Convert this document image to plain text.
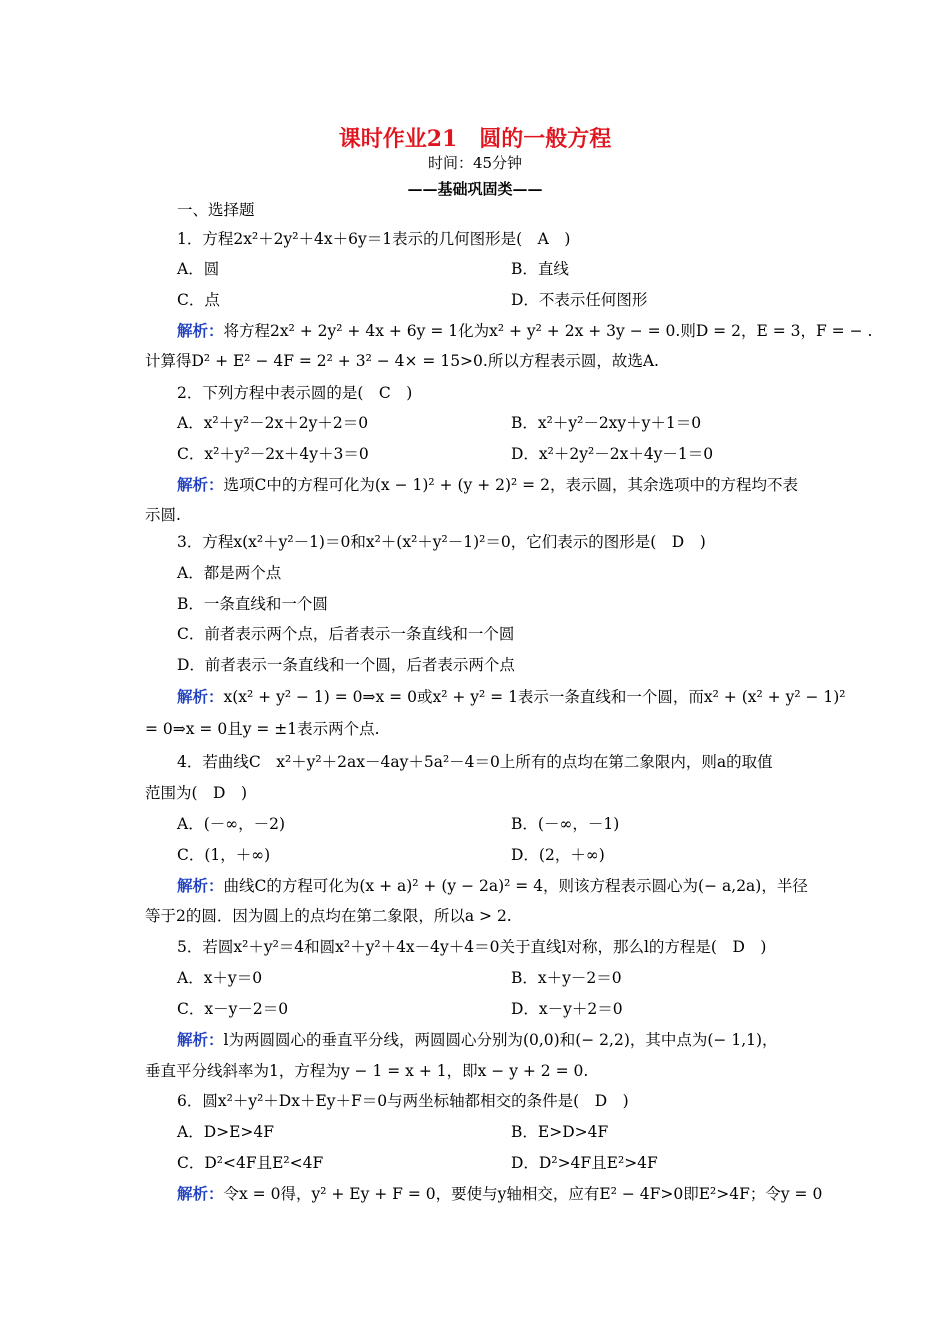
课时作业21　圆的一般方程
时间：45分钟
——基础巩固类——
一、选择题
1．方程2x²＋2y²＋4x＋6y＝1表示的几何图形是(　A　)
A．圆	B．直线
C．点	D．不表示任何图形
解析：将方程2x² + 2y² + 4x + 6y = 1化为x² + y² + 2x + 3y − = 0.则D = 2，E = 3，F = − .
计算得D² + E² − 4F = 2² + 3² − 4× = 15>0.所以方程表示圆，故选A.
2．下列方程中表示圆的是(　C　)
A．x²＋y²－2x＋2y＋2＝0	B．x²＋y²－2xy＋y＋1＝0
C．x²＋y²－2x＋4y＋3＝0	D．x²＋2y²－2x＋4y－1＝0
解析：选项C中的方程可化为(x − 1)² + (y + 2)² = 2，表示圆，其余选项中的方程均不表
示圆.
3．方程x(x²＋y²－1)＝0和x²＋(x²＋y²－1)²＝0，它们表示的图形是(　D　)
A．都是两个点
B．一条直线和一个圆
C．前者表示两个点，后者表示一条直线和一个圆
D．前者表示一条直线和一个圆，后者表示两个点
解析：x(x² + y² − 1) = 0⇒x = 0或x² + y² = 1表示一条直线和一个圆，而x² + (x² + y² − 1)²
= 0⇒x = 0且y = ±1表示两个点.
4．若曲线C　x²＋y²＋2ax－4ay＋5a²－4＝0上所有的点均在第二象限内，则a的取值
范围为(　D　)
A．(－∞，－2)	B．(－∞，－1)
C．(1，＋∞)	D．(2，＋∞)
解析：曲线C的方程可化为(x + a)² + (y − 2a)² = 4，则该方程表示圆心为(− a,2a)，半径
等于2的圆．因为圆上的点均在第二象限，所以a > 2.
5．若圆x²＋y²＝4和圆x²＋y²＋4x－4y＋4＝0关于直线l对称，那么l的方程是(　D　)
A．x＋y＝0	B．x＋y－2＝0
C．x－y－2＝0	D．x－y＋2＝0
解析：l为两圆圆心的垂直平分线，两圆圆心分别为(0,0)和(− 2,2)，其中点为(− 1,1)，
垂直平分线斜率为1，方程为y − 1 = x + 1，即x − y + 2 = 0.
6．圆x²＋y²＋Dx＋Ey＋F＝0与两坐标轴都相交的条件是(　D　)
A．D>E>4F	B．E>D>4F
C．D²<4F且E²<4F	D．D²>4F且E²>4F
解析：令x = 0得，y² + Ey + F = 0，要使与y轴相交，应有E² − 4F>0即E²>4F；令y = 0
